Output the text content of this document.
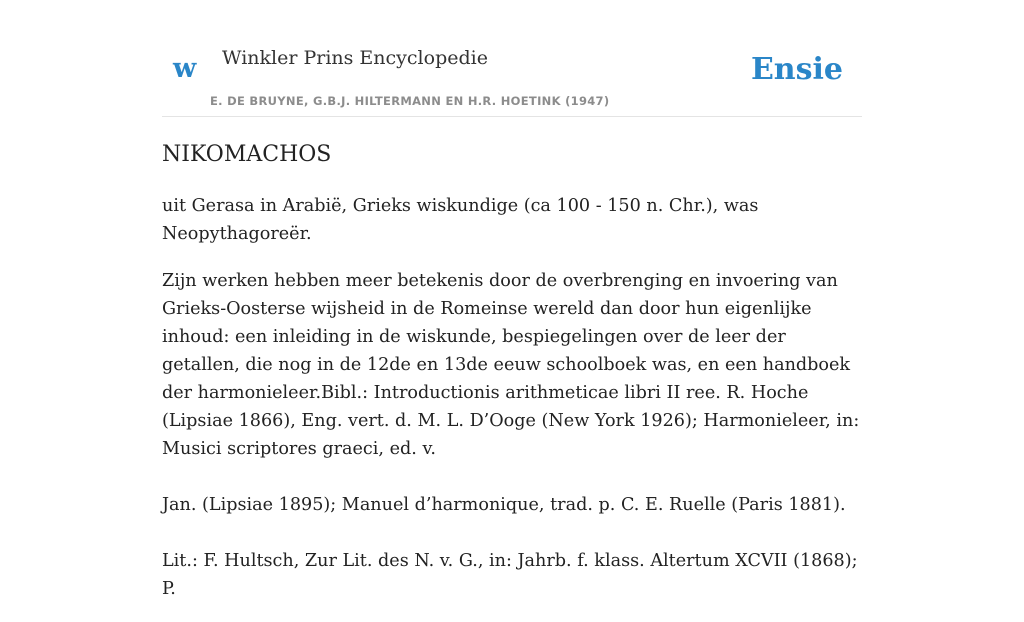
w Winkler Prins Encyclopedie
E. DE BRUYNE, G.B.J. HILTERMANN EN H.R. HOETINK (1947)
Ensie
NIKOMACHOS

uit Gerasa in Arabië, Grieks wiskundige (ca 100 - 150 n. Chr.), was Neopythagoreër.

Zijn werken hebben meer betekenis door de overbrenging en invoering van Grieks-Oosterse wijsheid in de Romeinse wereld dan door hun eigenlijke inhoud: een inleiding in de wiskunde, bespiegelingen over de leer der getallen, die nog in de 12de en 13de eeuw schoolboek was, en een handboek der harmonieleer.Bibl.: Introductionis arithmeticae libri II ree. R. Hoche (Lipsiae 1866), Eng. vert. d. M. L. D’Ooge (New York 1926); Harmonieleer, in: Musici scriptores graeci, ed. v.

Jan. (Lipsiae 1895); Manuel d’harmonique, trad. p. C. E. Ruelle (Paris 1881).

Lit.: F. Hultsch, Zur Lit. des N. v. G., in: Jahrb. f. klass. Altertum XCVII (1868); P.
